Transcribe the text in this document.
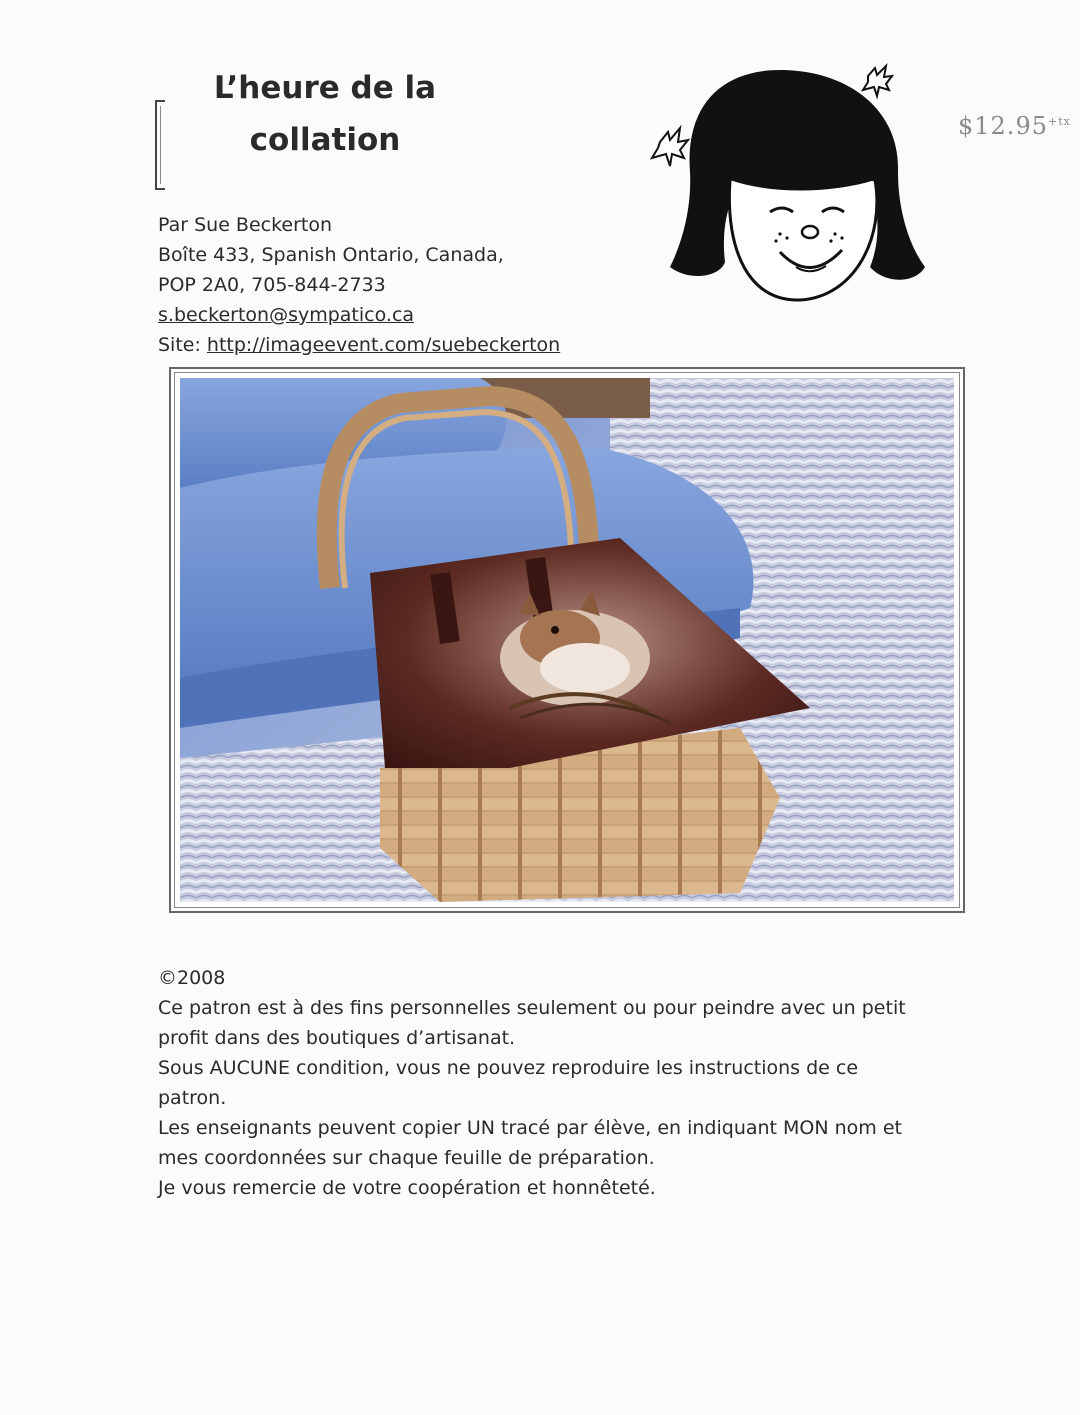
L’heure de la
collation
Par Sue Beckerton
Boîte 433, Spanish Ontario, Canada,
POP 2A0, 705-844-2733
s.beckerton@sympatico.ca
Site: http://imageevent.com/suebeckerton
$\$12.95^{+tx}$
©2008
Ce patron est à des fins personnelles seulement ou pour peindre avec un petit
profit dans des boutiques d’artisanat.
Sous AUCUNE condition, vous ne pouvez reproduire les instructions de ce
patron.
Les enseignants peuvent copier UN tracé par élève, en indiquant MON nom et
mes coordonnées sur chaque feuille de préparation.
Je vous remercie de votre coopération et honnêteté.
